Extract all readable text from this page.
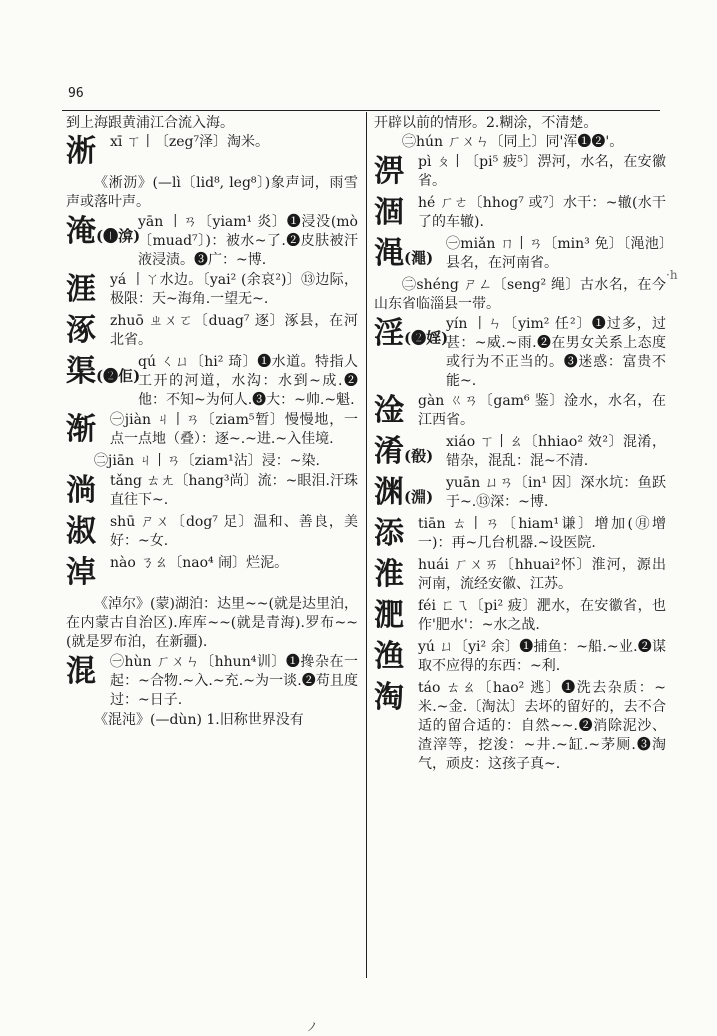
96
到上海跟黄浦江合流入海。
淅 xī ㄒ丨〔zeg⁷泽〕淘米。
《淅沥》(—lì〔lid⁸, leg⁸〕)象声词，雨雪声或落叶声。
淹(❶渰)
yān 丨ㄢ〔yiam¹ 炎〕❶浸没(mò〔muad⁷〕)：被水~了.❷皮肤被汗液浸渍。❸广：~博.
涯 yá 丨ㄚ水边。〔yai² (余哀²)〕⑬边际，极限：天~海角.一望无~.
涿 zhuō ㄓㄨㄛ〔duag⁷ 逐〕涿县，在河北省。
渠(❷佢)
qú ㄑㄩ〔hi² 琦〕❶水道。特指人工开的河道，水沟：水到~成.❷他：不知~为何人.❸大：~帅.~魁.
渐 ㊀jiàn ㄐ丨ㄢ〔ziam⁵暂〕慢慢地，一点一点地（叠）：逐~.~进.~入佳境.
㊁jiān ㄐ丨ㄢ〔ziam¹沾〕浸：~染.
淌 tǎng ㄊㄤ〔hang³尚〕流：~眼泪.汗珠直往下~.
淑 shū ㄕㄨ〔dog⁷ 足〕温和、善良，美好：~女.
淖 nào ㄋㄠ〔nao⁴ 闹〕烂泥。
《淖尔》(蒙)湖泊：达里~~(就是达里泊，在内蒙古自治区).库库~~(就是青海).罗布~~(就是罗布泊，在新疆).
混 ㊀hùn ㄏㄨㄣ〔hhun⁴训〕❶搀杂在一起：~合物.~入.~充.~为一谈.❷苟且度过：~日子.
《混沌》(—dùn) 1.旧称世界没有
开辟以前的情形。2.糊涂，不清楚。
㊁hún ㄏㄨㄣ〔同上〕同'浑❶❷'。
淠 pì ㄆ丨〔pi⁵ 疲⁵〕淠河，水名，在安徽省。
涸 hé ㄏㄜ〔hhog⁷ 或⁷〕水干：~辙(水干了的车辙).
渑(澠)
㊀miǎn ㄇ丨ㄢ〔min³ 免〕〔渑池〕县名，在河南省。
㊁shéng ㄕㄥ〔seng² 绳〕古水名，在今山东省临淄县一带。
淫(❷婬)
yín 丨ㄣ〔yim² 任²〕❶过多，过甚：~威.~雨.❷在男女关系上态度或行为不正当的。❸迷惑：富贵不能~.
淦 gàn ㄍㄢ〔gam⁶ 鉴〕淦水，水名，在江西省。
淆(殽)
xiáo ㄒ丨ㄠ〔hhiao² 效²〕混淆，错杂，混乱：混~不清.
渊(淵)
yuān ㄩㄢ〔in¹ 因〕深水坑：鱼跃于~.⑬深：~博.
添 tiān ㄊ丨ㄢ〔hiam¹谦〕增加(㊊增一)：再~几台机器.~设医院.
淮 huái ㄏㄨㄞ〔hhuai²怀〕淮河，源出河南，流经安徽、江苏。
淝 féi ㄈㄟ〔pi² 疲〕淝水，在安徽省，也作'肥水'：~水之战.
渔 yú ㄩ〔yi² 余〕❶捕鱼：~船.~业.❷谋取不应得的东西：~利.
淘 táo ㄊㄠ〔hao² 逃〕❶洗去杂质：~米.~金.〔淘汰〕去坏的留好的，去不合适的留合适的：自然~~.❷消除泥沙、渣滓等，挖浚：~井.~缸.~茅厕.❸淘气，顽皮：这孩子真~.
·h
ノ
